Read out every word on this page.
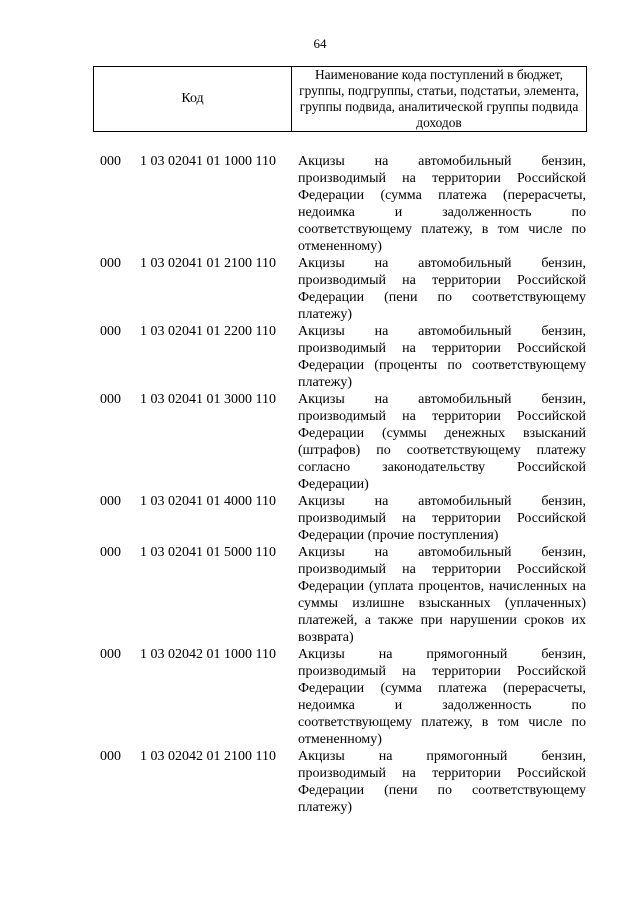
64
Код
Наименование кода поступлений в бюджет, группы, подгруппы, статьи, подстатьи, элемента, группы подвида, аналитической группы подвида доходов
000	1 03 02041 01 1000 110	Акцизы на автомобильный бензин, производимый на территории Российской Федерации (сумма платежа (перерасчеты, недоимка и задолженность по соответствующему платежу, в том числе по отмененному)
000	1 03 02041 01 2100 110	Акцизы на автомобильный бензин, производимый на территории Российской Федерации (пени по соответствующему платежу)
000	1 03 02041 01 2200 110	Акцизы на автомобильный бензин, производимый на территории Российской Федерации (проценты по соответствующему платежу)
000	1 03 02041 01 3000 110	Акцизы на автомобильный бензин, производимый на территории Российской Федерации (суммы денежных взысканий (штрафов) по соответствующему платежу согласно законодательству Российской Федерации)
000	1 03 02041 01 4000 110	Акцизы на автомобильный бензин, производимый на территории Российской Федерации (прочие поступления)
000	1 03 02041 01 5000 110	Акцизы на автомобильный бензин, производимый на территории Российской Федерации (уплата процентов, начисленных на суммы излишне взысканных (уплаченных) платежей, а также при нарушении сроков их возврата)
000	1 03 02042 01 1000 110	Акцизы на прямогонный бензин, производимый на территории Российской Федерации (сумма платежа (перерасчеты, недоимка и задолженность по соответствующему платежу, в том числе по отмененному)
000	1 03 02042 01 2100 110	Акцизы на прямогонный бензин, производимый на территории Российской Федерации (пени по соответствующему платежу)
